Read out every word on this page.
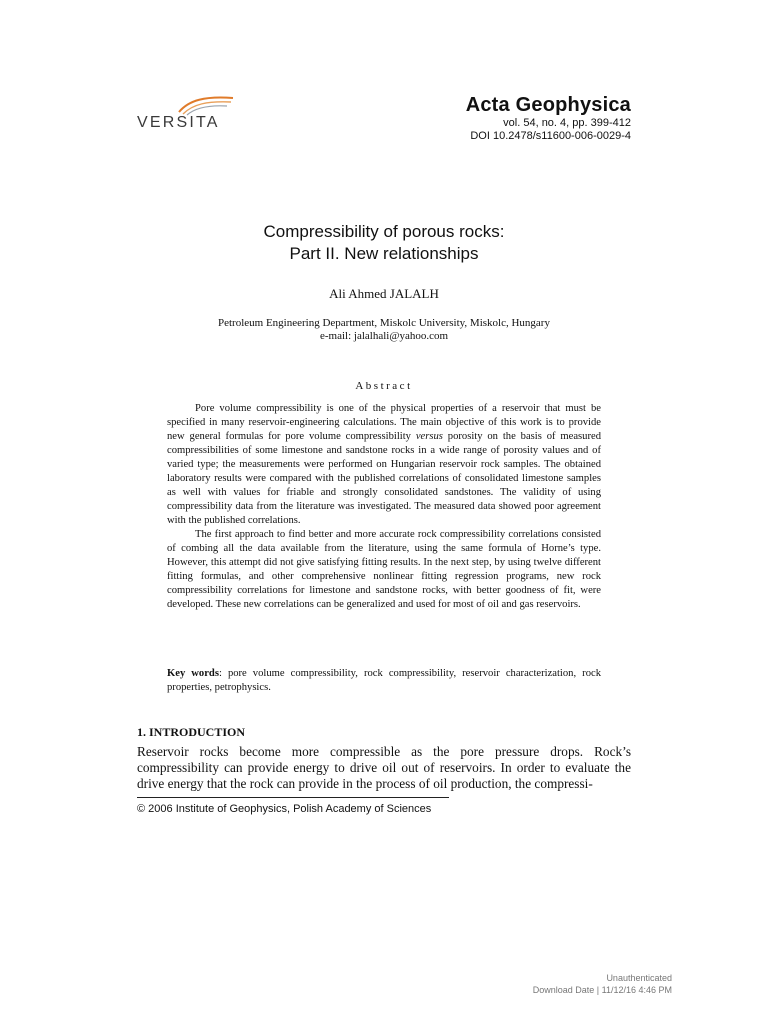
VERSITA
Acta Geophysica
vol. 54, no. 4, pp. 399-412
DOI 10.2478/s11600-006-0029-4
Compressibility of porous rocks:
Part II. New relationships
Ali Ahmed JALALH
Petroleum Engineering Department, Miskolc University, Miskolc, Hungary
e-mail: jalalhali@yahoo.com
Abstract

Pore volume compressibility is one of the physical properties of a reservoir that must be specified in many reservoir-engineering calculations. The main objective of this work is to provide new general formulas for pore volume compressibility versus porosity on the basis of measured compressibilities of some limestone and sandstone rocks in a wide range of porosity values and of varied type; the measurements were performed on Hungarian reservoir rock samples. The obtained laboratory results were compared with the published correlations of consolidated limestone samples as well with values for friable and strongly consolidated sandstones. The validity of using compressibility data from the literature was investigated. The measured data showed poor agreement with the published correlations.

The first approach to find better and more accurate rock compressibility correlations consisted of combing all the data available from the literature, using the same formula of Horne’s type. However, this attempt did not give satisfying fitting results. In the next step, by using twelve different fitting formulas, and other comprehensive nonlinear fitting regression programs, new rock compressibility correlations for limestone and sandstone rocks, with better goodness of fit, were developed. These new correlations can be generalized and used for most of oil and gas reservoirs.

Key words: pore volume compressibility, rock compressibility, reservoir characterization, rock properties, petrophysics.
1. INTRODUCTION
Reservoir rocks become more compressible as the pore pressure drops. Rock’s compressibility can provide energy to drive oil out of reservoirs. In order to evaluate the drive energy that the rock can provide in the process of oil production, the compressi-
© 2006 Institute of Geophysics, Polish Academy of Sciences
Unauthenticated
Download Date | 11/12/16 4:46 PM
